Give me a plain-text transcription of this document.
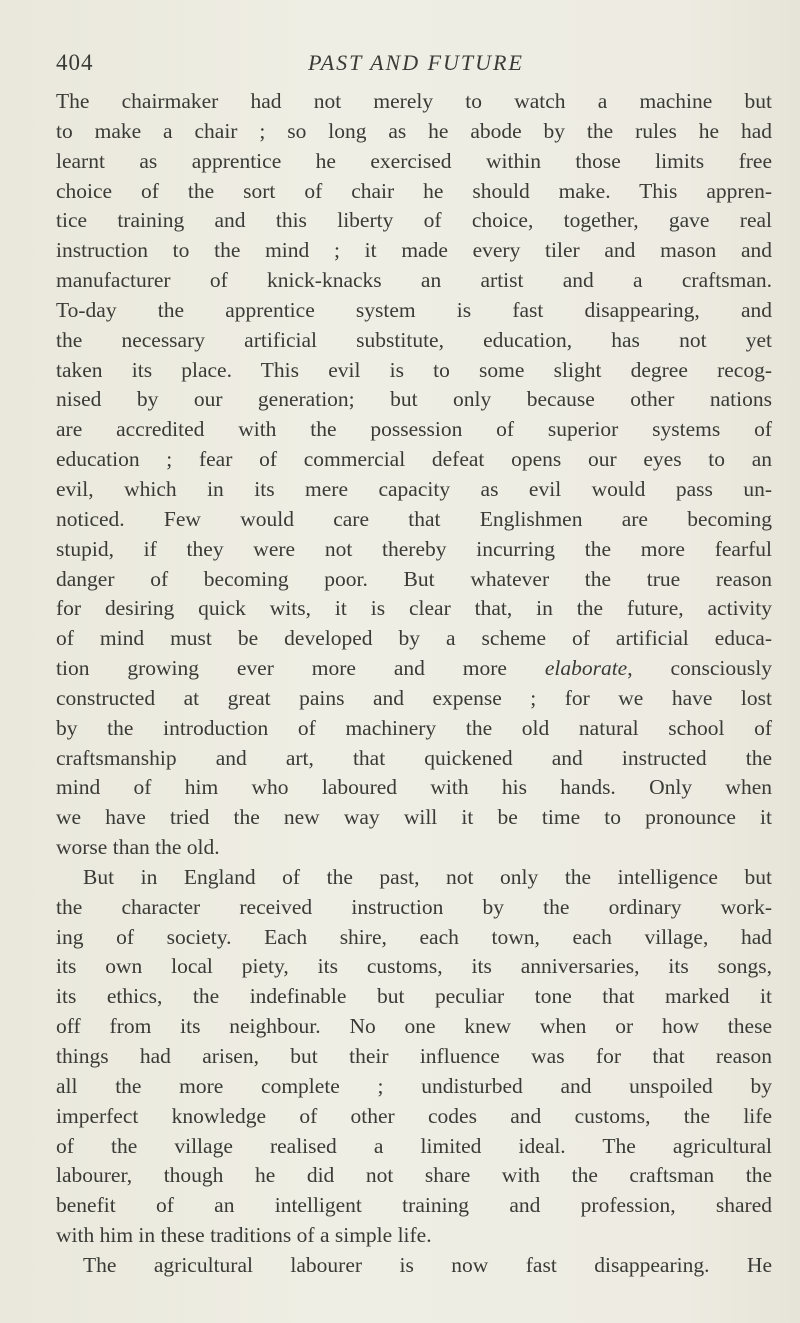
404	PAST AND FUTURE
The chairmaker had not merely to watch a machine but
to make a chair ; so long as he abode by the rules he had
learnt as apprentice he exercised within those limits free
choice of the sort of chair he should make. This appren-
tice training and this liberty of choice, together, gave real
instruction to the mind ; it made every tiler and mason and
manufacturer of knick-knacks an artist and a craftsman.
To-day the apprentice system is fast disappearing, and
the necessary artificial substitute, education, has not yet
taken its place. This evil is to some slight degree recog-
nised by our generation; but only because other nations
are accredited with the possession of superior systems of
education ; fear of commercial defeat opens our eyes to an
evil, which in its mere capacity as evil would pass un-
noticed. Few would care that Englishmen are becoming
stupid, if they were not thereby incurring the more fearful
danger of becoming poor. But whatever the true reason
for desiring quick wits, it is clear that, in the future, activity
of mind must be developed by a scheme of artificial educa-
tion growing ever more and more elaborate, consciously
constructed at great pains and expense ; for we have lost
by the introduction of machinery the old natural school of
craftsmanship and art, that quickened and instructed the
mind of him who laboured with his hands. Only when
we have tried the new way will it be time to pronounce it
worse than the old.
But in England of the past, not only the intelligence but
the character received instruction by the ordinary work-
ing of society. Each shire, each town, each village, had
its own local piety, its customs, its anniversaries, its songs,
its ethics, the indefinable but peculiar tone that marked it
off from its neighbour. No one knew when or how these
things had arisen, but their influence was for that reason
all the more complete ; undisturbed and unspoiled by
imperfect knowledge of other codes and customs, the life
of the village realised a limited ideal. The agricultural
labourer, though he did not share with the craftsman the
benefit of an intelligent training and profession, shared
with him in these traditions of a simple life.
The agricultural labourer is now fast disappearing. He
